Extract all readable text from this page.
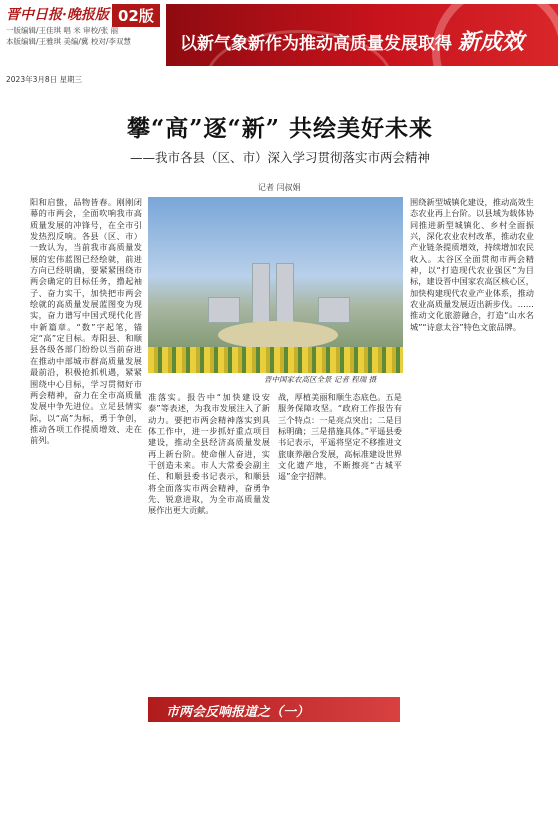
晋中日报·晚报版 02版
一版编辑/王佳琪 唱 米 审校/张 丽
本版编辑/王雅琪 美编/冀 校对/李双慧
2023年3月8日 星期三
以新气象新作为推动高质量发展取得 新成效
攀“高”逐“新” 共绘美好未来
——我市各县（区、市）深入学习贯彻落实市两会精神
记者 闫叔娟
阳和启蛰，品物皆春。刚刚闭幕的市两会，全面吹响我市高质量发展的冲锋号，在全市引发热烈反响。各县（区、市）一致认为，当前我市高质量发展的宏伟蓝图已经绘就，前进方向已经明确，要紧紧围绕市两会确定的目标任务，撸起袖子、奋力实干，加快把市两会绘就的高质量发展蓝图变为现实，奋力谱写中国式现代化晋中新篇章。“数”字起笔，锚定“高”定目标。寿阳县、和顺县各级各部门纷纷以当前奋进在推动中部城市群高质量发展最前沿，积极抢抓机遇，紧紧围绕中心目标，学习贯彻好市两会精神，奋力在全市高质量发展中争先进位。立足县情实际，以“高”为标，勇于争创，推动各项工作提质增效、走在前列。
晋中国家农高区全景 记者 程瑞 摄
准落实。报告中“加快建设安泰”等表述，为我市发展注入了新动力。要把市两会精神落实到具体工作中，进一步抓好重点项目建设，推动全县经济高质量发展再上新台阶。使命催人奋进，实干创造未来。市人大常委会副主任、和顺县委书记表示，和顺县将全面落实市两会精神，奋勇争先、锐意进取，为全市高质量发展作出更大贡献。
战，厚植美丽和顺生态底色。五是服务保障攻坚。“政府工作报告有三个特点：一是亮点突出；二是目标明确；三是措施具体。”平遥县委书记表示，平遥将坚定不移推进文旅康养融合发展，高标准建设世界文化遗产地，不断擦亮“古城平遥”金字招牌。
围绕新型城镇化建设，推动高效生态农业再上台阶。以县域为载体协同推进新型城镇化、乡村全面振兴，深化农业农村改革，推动农业产业链条提质增效，持续增加农民收入。太谷区全面贯彻市两会精神，以“打造现代农业强区”为目标，建设晋中国家农高区核心区，加快构建现代农业产业体系，推动农业高质量发展迈出新步伐。……推动文化旅游融合，打造“山水名城”“诗意太谷”特色文旅品牌。
市两会反响报道之（一）
